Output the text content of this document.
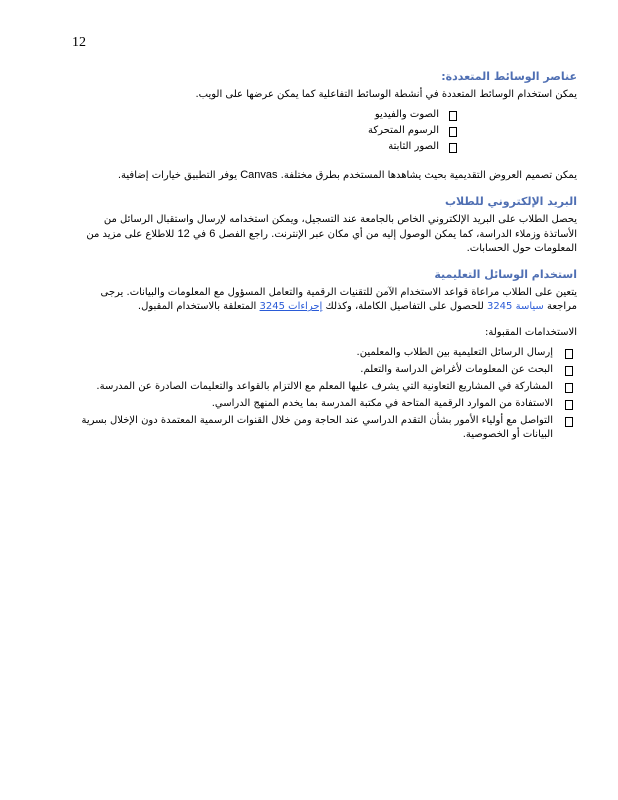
12
عناصر الوسائط المتعددة:

يمكن استخدام الوسائط المتعددة في أنشطة الوسائط التفاعلية كما يمكن عرضها على الويب.

الصوت والفيديو
الرسوم المتحركة
الصور الثابتة

يمكن تصميم العروض التقديمية بحيث يشاهدها المستخدم بطرق مختلفة. Canvas يوفر التطبيق خيارات إضافية.

البريد الإلكتروني للطلاب

يحصل الطلاب على البريد الإلكتروني الخاص بالجامعة عند التسجيل، ويمكن استخدامه لإرسال واستقبال الرسائل من الأساتذة وزملاء الدراسة، كما يمكن الوصول إليه من أي مكان عبر الإنترنت. راجع الفصل 6 في 12 للاطلاع على مزيد من المعلومات حول الحسابات.

استخدام الوسائل التعليمية

يتعين على الطلاب مراعاة قواعد الاستخدام الآمن للتقنيات الرقمية والتعامل المسؤول مع المعلومات والبيانات. يرجى مراجعة سياسة 3245 للحصول على التفاصيل الكاملة، وكذلك إجراءات 3245 المتعلقة بالاستخدام المقبول.

الاستخدامات المقبولة:

إرسال الرسائل التعليمية بين الطلاب والمعلمين.
البحث عن المعلومات لأغراض الدراسة والتعلم.
المشاركة في المشاريع التعاونية التي يشرف عليها المعلم مع الالتزام بالقواعد والتعليمات الصادرة عن المدرسة.
الاستفادة من الموارد الرقمية المتاحة في مكتبة المدرسة بما يخدم المنهج الدراسي.
التواصل مع أولياء الأمور بشأن التقدم الدراسي عند الحاجة ومن خلال القنوات الرسمية المعتمدة دون الإخلال بسرية البيانات أو الخصوصية.
